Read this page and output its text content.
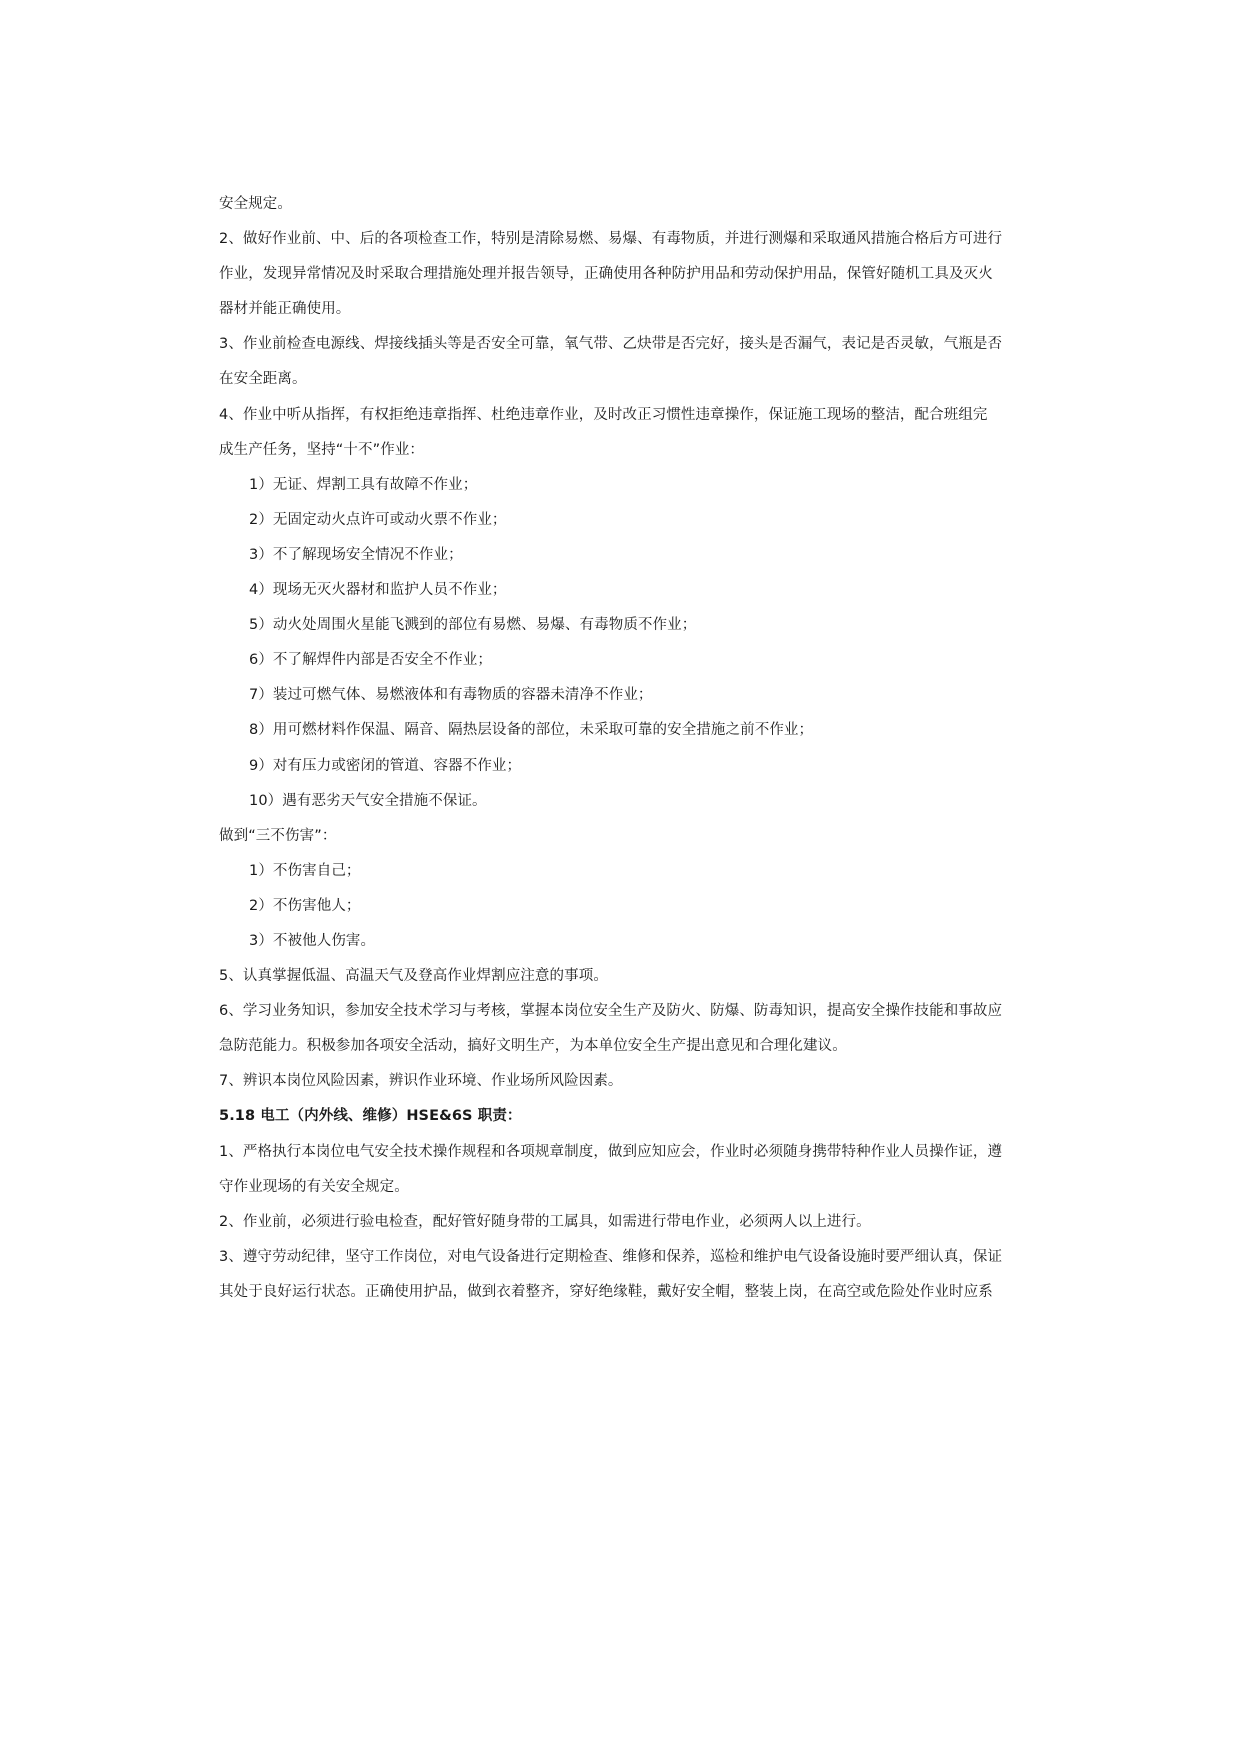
安全规定。
2、做好作业前、中、后的各项检查工作，特别是清除易燃、易爆、有毒物质，并进行测爆和采取通风措施合格后方可进行
作业，发现异常情况及时采取合理措施处理并报告领导，正确使用各种防护用品和劳动保护用品，保管好随机工具及灭火
器材并能正确使用。
3、作业前检查电源线、焊接线插头等是否安全可靠，氧气带、乙炔带是否完好，接头是否漏气，表记是否灵敏，气瓶是否
在安全距离。
4、作业中听从指挥，有权拒绝违章指挥、杜绝违章作业，及时改正习惯性违章操作，保证施工现场的整洁，配合班组完
成生产任务，坚持“十不”作业：
1）无证、焊割工具有故障不作业；
2）无固定动火点许可或动火票不作业；
3）不了解现场安全情况不作业；
4）现场无灭火器材和监护人员不作业；
5）动火处周围火星能飞溅到的部位有易燃、易爆、有毒物质不作业；
6）不了解焊件内部是否安全不作业；
7）装过可燃气体、易燃液体和有毒物质的容器未清净不作业；
8）用可燃材料作保温、隔音、隔热层设备的部位，未采取可靠的安全措施之前不作业；
9）对有压力或密闭的管道、容器不作业；
10）遇有恶劣天气安全措施不保证。
做到“三不伤害”：
1）不伤害自己；
2）不伤害他人；
3）不被他人伤害。
5、认真掌握低温、高温天气及登高作业焊割应注意的事项。
6、学习业务知识，参加安全技术学习与考核，掌握本岗位安全生产及防火、防爆、防毒知识，提高安全操作技能和事故应
急防范能力。积极参加各项安全活动，搞好文明生产，为本单位安全生产提出意见和合理化建议。
7、辨识本岗位风险因素，辨识作业环境、作业场所风险因素。
5.18 电工（内外线、维修）HSE&6S 职责：
1、严格执行本岗位电气安全技术操作规程和各项规章制度，做到应知应会，作业时必须随身携带特种作业人员操作证，遵
守作业现场的有关安全规定。
2、作业前，必须进行验电检查，配好管好随身带的工属具，如需进行带电作业，必须两人以上进行。
3、遵守劳动纪律，坚守工作岗位，对电气设备进行定期检查、维修和保养，巡检和维护电气设备设施时要严细认真，保证
其处于良好运行状态。正确使用护品，做到衣着整齐，穿好绝缘鞋，戴好安全帽，整装上岗，在高空或危险处作业时应系
